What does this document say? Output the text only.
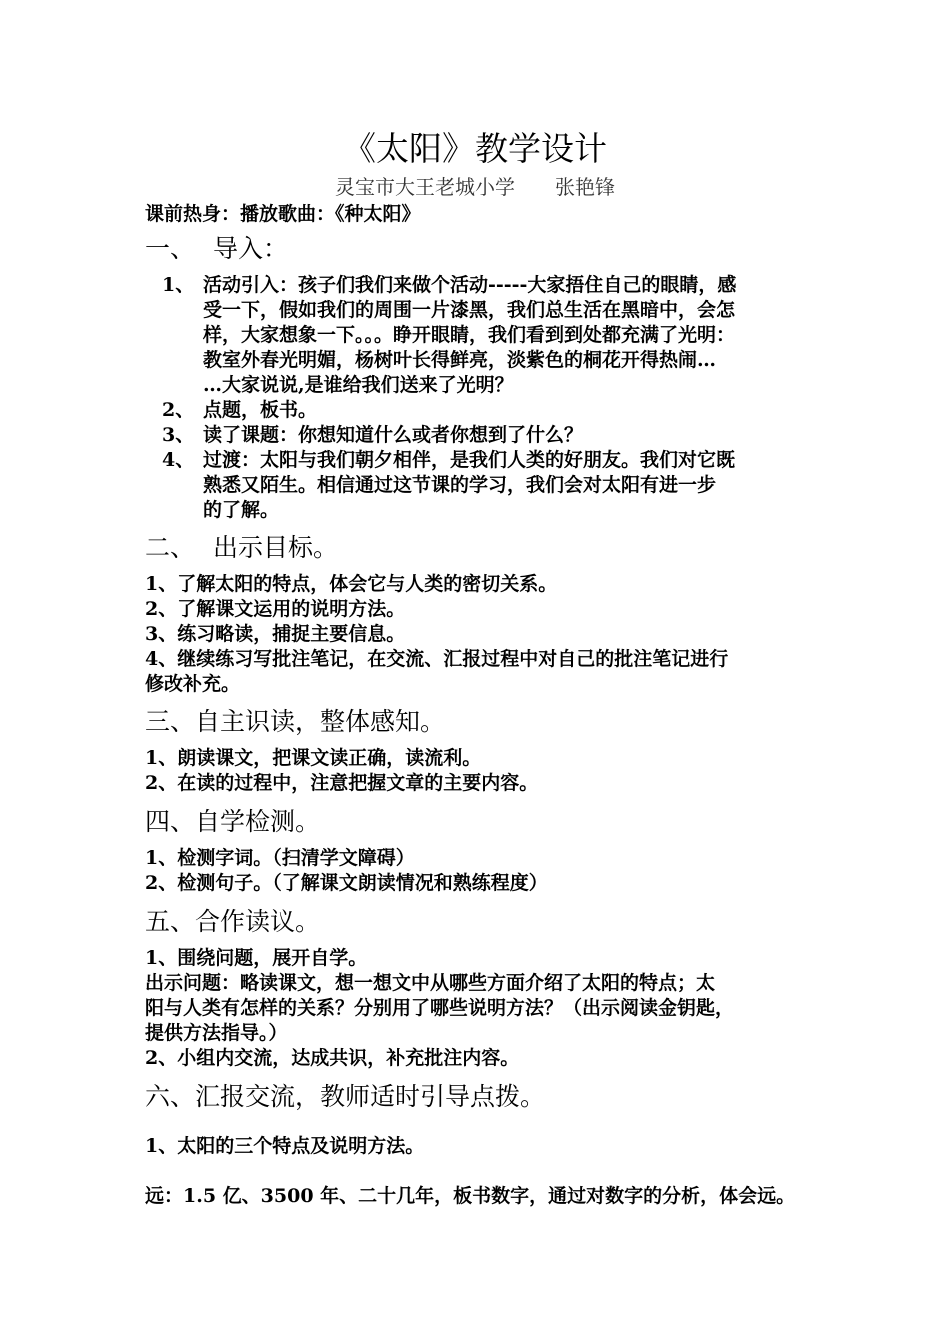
《太阳》教学设计
灵宝市大王老城小学 张艳锋
课前热身：播放歌曲：《种太阳》
一、 导入：
1、 活动引入：孩子们我们来做个活动-----大家捂住自己的眼睛，感
受一下，假如我们的周围一片漆黑，我们总生活在黑暗中，会怎
样，大家想象一下。。。睁开眼睛，我们看到到处都充满了光明：
教室外春光明媚，杨树叶长得鲜亮，淡紫色的桐花开得热闹…
…大家说说,是谁给我们送来了光明？
2、 点题，板书。
3、 读了课题：你想知道什么或者你想到了什么？
4、 过渡：太阳与我们朝夕相伴，是我们人类的好朋友。我们对它既
熟悉又陌生。相信通过这节课的学习，我们会对太阳有进一步
的了解。
二、 出示目标。
1、了解太阳的特点，体会它与人类的密切关系。
2、了解课文运用的说明方法。
3、练习略读，捕捉主要信息。
4、继续练习写批注笔记，在交流、汇报过程中对自己的批注笔记进行
修改补充。
三、自主识读，整体感知。
1、朗读课文，把课文读正确，读流利。
2、在读的过程中，注意把握文章的主要内容。
四、自学检测。
1、检测字词。（扫清学文障碍）
2、检测句子。（了解课文朗读情况和熟练程度）
五、合作读议。
1、围绕问题，展开自学。
出示问题：略读课文，想一想文中从哪些方面介绍了太阳的特点；太
阳与人类有怎样的关系？分别用了哪些说明方法？（出示阅读金钥匙，
提供方法指导。）
2、小组内交流，达成共识，补充批注内容。
六、汇报交流，教师适时引导点拨。
1、太阳的三个特点及说明方法。
远：1.5 亿、3500 年、二十几年，板书数字，通过对数字的分析，体会远。
